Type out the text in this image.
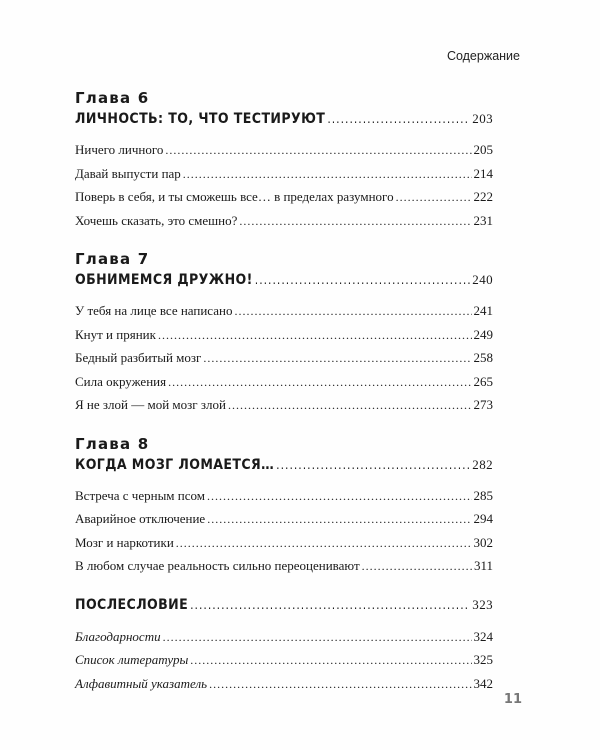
Содержание
Глава 6
ЛИЧНОСТЬ: ТО, ЧТО ТЕСТИРУЮТ .....	203
Ничего личного .....	205
Давай выпусти пар .....	214
Поверь в себя, и ты сможешь все… в пределах разумного .....	222
Хочешь сказать, это смешно? .....	231
Глава 7
ОБНИМЕМСЯ ДРУЖНО! .....	240
У тебя на лице все написано .....	241
Кнут и пряник .....	249
Бедный разбитый мозг .....	258
Сила окружения .....	265
Я не злой — мой мозг злой .....	273
Глава 8
КОГДА МОЗГ ЛОМАЕТСЯ… .....	282
Встреча с черным псом .....	285
Аварийное отключение .....	294
Мозг и наркотики .....	302
В любом случае реальность сильно переоценивают .....	311
ПОСЛЕСЛОВИЕ .....	323
Благодарности .....	324
Список литературы .....	325
Алфавитный указатель .....	342
11
